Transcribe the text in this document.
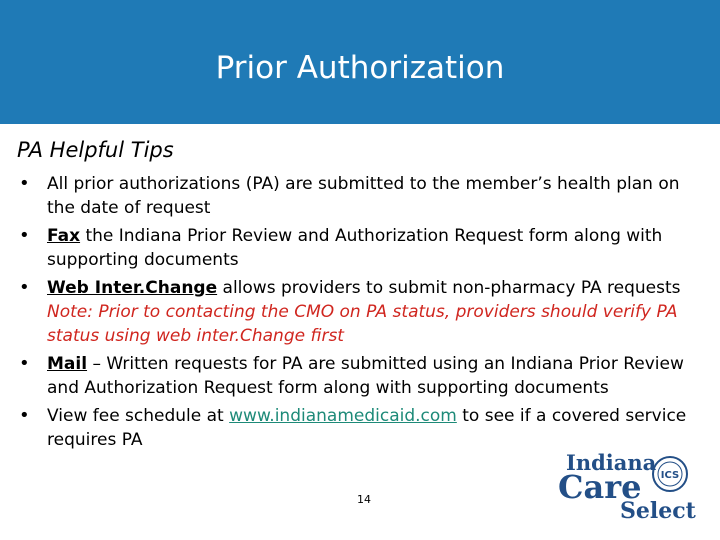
Prior Authorization
PA Helpful Tips
• All prior authorizations (PA) are submitted to the member’s health plan on the date of request
• Fax the Indiana Prior Review and Authorization Request form along with supporting documents
• Web Inter.Change allows providers to submit non-pharmacy PA requests Note: Prior to contacting the CMO on PA status, providers should verify PA status using web inter.Change first
• Mail – Written requests for PA are submitted using an Indiana Prior Review and Authorization Request form along with supporting documents
• View fee schedule at www.indianamedicaid.com to see if a covered service requires PA
14
Indiana
Care
Select
ICS
